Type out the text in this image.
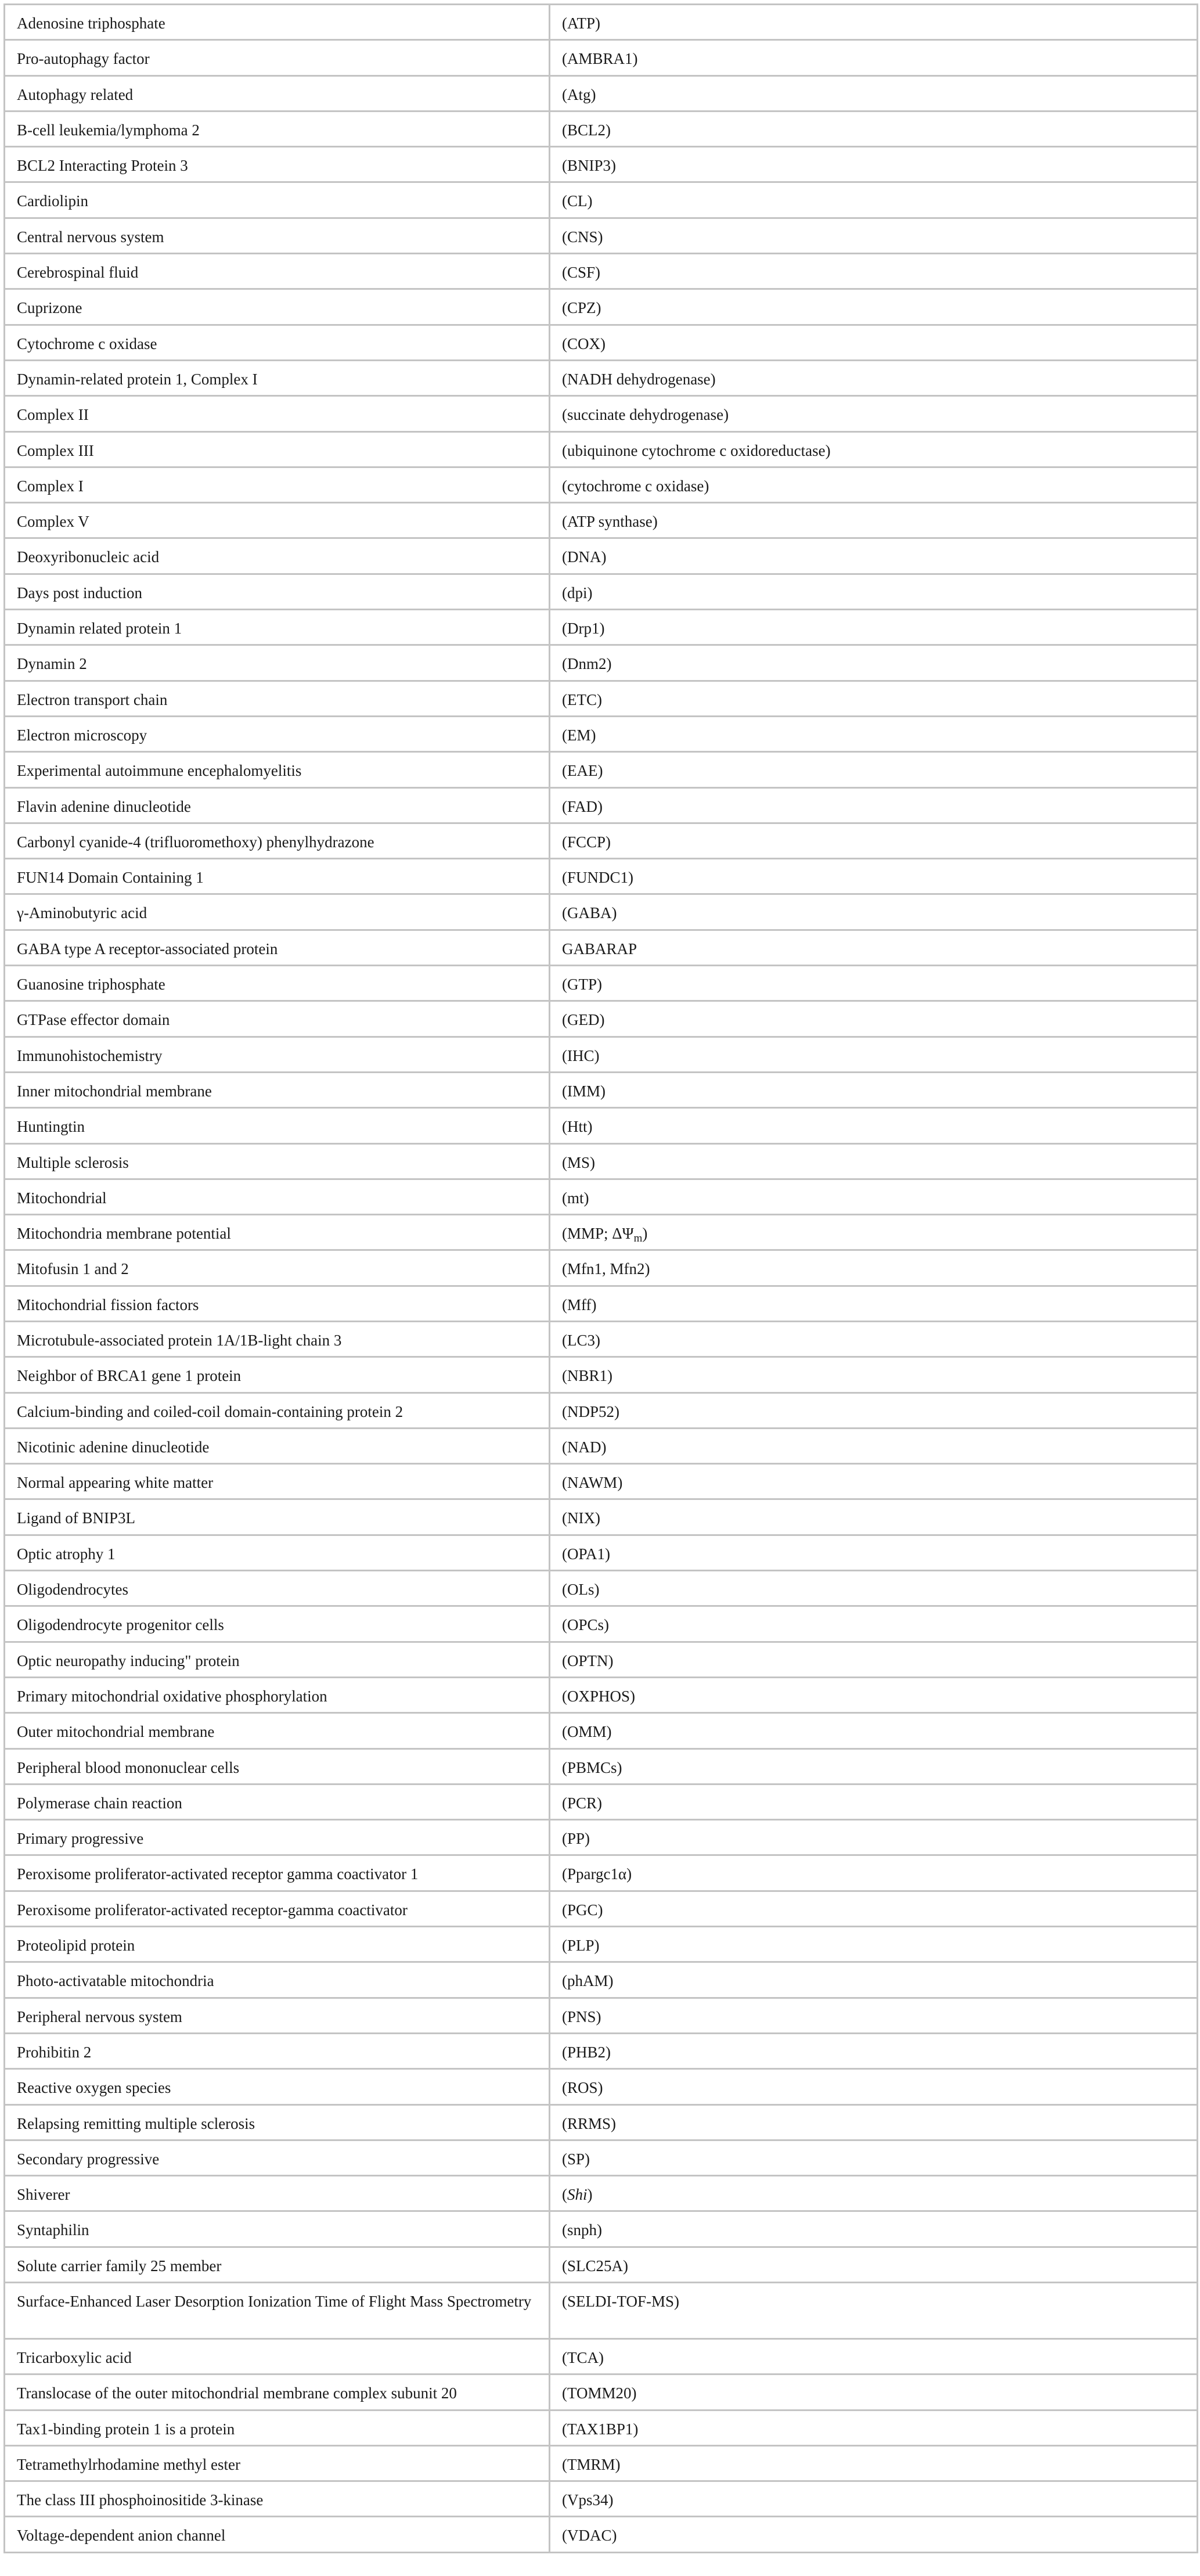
Adenosine triphosphate	(ATP)
Pro-autophagy factor	(AMBRA1)
Autophagy related	(Atg)
B-cell leukemia/lymphoma 2	(BCL2)
BCL2 Interacting Protein 3	(BNIP3)
Cardiolipin	(CL)
Central nervous system	(CNS)
Cerebrospinal fluid	(CSF)
Cuprizone	(CPZ)
Cytochrome c oxidase	(COX)
Dynamin-related protein 1, Complex I	(NADH dehydrogenase)
Complex II	(succinate dehydrogenase)
Complex III	(ubiquinone cytochrome c oxidoreductase)
Complex I	(cytochrome c oxidase)
Complex V	(ATP synthase)
Deoxyribonucleic acid	(DNA)
Days post induction	(dpi)
Dynamin related protein 1	(Drp1)
Dynamin 2	(Dnm2)
Electron transport chain	(ETC)
Electron microscopy	(EM)
Experimental autoimmune encephalomyelitis	(EAE)
Flavin adenine dinucleotide	(FAD)
Carbonyl cyanide-4 (trifluoromethoxy) phenylhydrazone	(FCCP)
FUN14 Domain Containing 1	(FUNDC1)
γ-Aminobutyric acid	(GABA)
GABA type A receptor-associated protein	GABARAP
Guanosine triphosphate	(GTP)
GTPase effector domain	(GED)
Immunohistochemistry	(IHC)
Inner mitochondrial membrane	(IMM)
Huntingtin	(Htt)
Multiple sclerosis	(MS)
Mitochondrial	(mt)
Mitochondria membrane potential	(MMP; $\Delta\Psi_m$)
Mitofusin 1 and 2	(Mfn1, Mfn2)
Mitochondrial fission factors	(Mff)
Microtubule-associated protein 1A/1B-light chain 3	(LC3)
Neighbor of BRCA1 gene 1 protein	(NBR1)
Calcium-binding and coiled-coil domain-containing protein 2	(NDP52)
Nicotinic adenine dinucleotide	(NAD)
Normal appearing white matter	(NAWM)
Ligand of BNIP3L	(NIX)
Optic atrophy 1	(OPA1)
Oligodendrocytes	(OLs)
Oligodendrocyte progenitor cells	(OPCs)
Optic neuropathy inducing" protein	(OPTN)
Primary mitochondrial oxidative phosphorylation	(OXPHOS)
Outer mitochondrial membrane	(OMM)
Peripheral blood mononuclear cells	(PBMCs)
Polymerase chain reaction	(PCR)
Primary progressive	(PP)
Peroxisome proliferator-activated receptor gamma coactivator 1	(Ppargc1α)
Peroxisome proliferator-activated receptor-gamma coactivator	(PGC)
Proteolipid protein	(PLP)
Photo-activatable mitochondria	(phAM)
Peripheral nervous system	(PNS)
Prohibitin 2	(PHB2)
Reactive oxygen species	(ROS)
Relapsing remitting multiple sclerosis	(RRMS)
Secondary progressive	(SP)
Shiverer	(Shi)
Syntaphilin	(snph)
Solute carrier family 25 member	(SLC25A)
Surface-Enhanced Laser Desorption Ionization Time of Flight Mass Spectrometry	(SELDI-TOF-MS)
Tricarboxylic acid	(TCA)
Translocase of the outer mitochondrial membrane complex subunit 20	(TOMM20)
Tax1-binding protein 1 is a protein	(TAX1BP1)
Tetramethylrhodamine methyl ester	(TMRM)
The class III phosphoinositide 3-kinase	(Vps34)
Voltage-dependent anion channel	(VDAC)
